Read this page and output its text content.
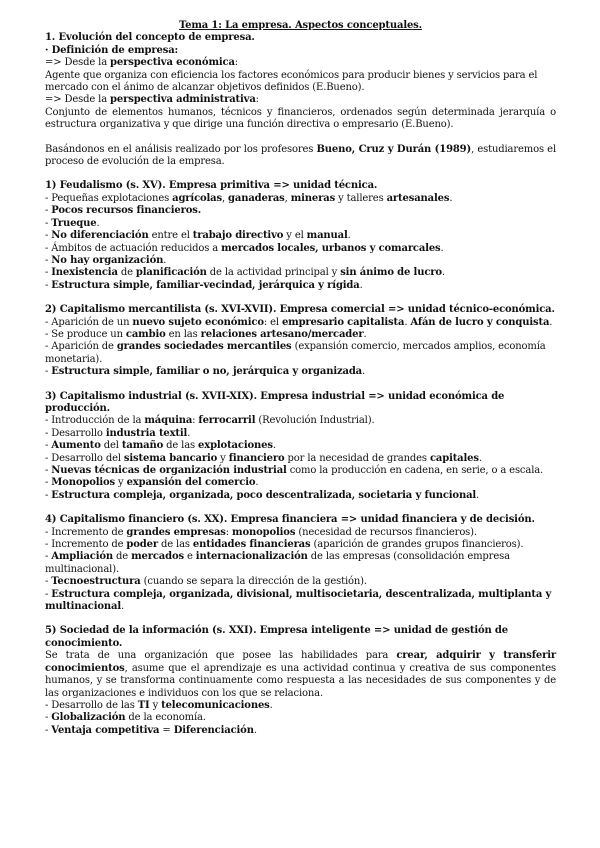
Tema 1: La empresa. Aspectos conceptuales.

1. Evolución del concepto de empresa.

· Definición de empresa:

=> Desde la perspectiva económica:

Agente que organiza con eficiencia los factores económicos para producir bienes y servicios para el mercado con el ánimo de alcanzar objetivos definidos (E.Bueno).

=> Desde la perspectiva administrativa:

Conjunto de elementos humanos, técnicos y financieros, ordenados según determinada jerarquía o estructura organizativa y que dirige una función directiva o empresario (E.Bueno).

Basándonos en el análisis realizado por los profesores Bueno, Cruz y Durán (1989), estudiaremos el proceso de evolución de la empresa.

1) Feudalismo (s. XV). Empresa primitiva => unidad técnica.

- Pequeñas explotaciones agrícolas, ganaderas, mineras y talleres artesanales.

- Pocos recursos financieros.

- Trueque.

- No diferenciación entre el trabajo directivo y el manual.

- Ámbitos de actuación reducidos a mercados locales, urbanos y comarcales.

- No hay organización.

- Inexistencia de planificación de la actividad principal y sin ánimo de lucro.

- Estructura simple, familiar-vecindad, jerárquica y rígida.

2) Capitalismo mercantilista (s. XVI-XVII). Empresa comercial => unidad técnico-económica.

- Aparición de un nuevo sujeto económico: el empresario capitalista. Afán de lucro y conquista.

- Se produce un cambio en las relaciones artesano/mercader.

- Aparición de grandes sociedades mercantiles (expansión comercio, mercados amplios, economía monetaria).

- Estructura simple, familiar o no, jerárquica y organizada.

3) Capitalismo industrial (s. XVII-XIX). Empresa industrial => unidad económica de producción.

- Introducción de la máquina: ferrocarril (Revolución Industrial).

- Desarrollo industria textil.

- Aumento del tamaño de las explotaciones.

- Desarrollo del sistema bancario y financiero por la necesidad de grandes capitales.

- Nuevas técnicas de organización industrial como la producción en cadena, en serie, o a escala.

- Monopolios y expansión del comercio.

- Estructura compleja, organizada, poco descentralizada, societaria y funcional.

4) Capitalismo financiero (s. XX). Empresa financiera => unidad financiera y de decisión.

- Incremento de grandes empresas: monopolios (necesidad de recursos financieros).

- Incremento de poder de las entidades financieras (aparición de grandes grupos financieros).

- Ampliación de mercados e internacionalización de las empresas (consolidación empresa multinacional).

- Tecnoestructura (cuando se separa la dirección de la gestión).

- Estructura compleja, organizada, divisional, multisocietaria, descentralizada, multiplanta y multinacional.

5) Sociedad de la información (s. XXI). Empresa inteligente => unidad de gestión de conocimiento.

Se trata de una organización que posee las habilidades para crear, adquirir y transferir conocimientos, asume que el aprendizaje es una actividad continua y creativa de sus componentes humanos, y se transforma continuamente como respuesta a las necesidades de sus componentes y de las organizaciones e individuos con los que se relaciona.

- Desarrollo de las TI y telecomunicaciones.

- Globalización de la economía.

- Ventaja competitiva = Diferenciación.
